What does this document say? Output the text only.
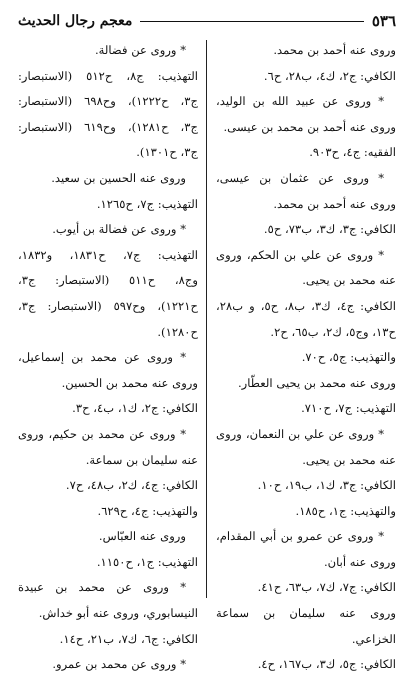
٥٣٦
معجم رجال الحديث
وروى عنه أحمد بن محمد.
الكافي: ج٢، ك٤، ب٢٨، ح٦.
* وروى عن عبيد الله بن الوليد،
وروى عنه أحمد بن محمد بن عيسى.
الفقيه: ج٤، ح٩٠٣.
* وروى عن عثمان بن عيسى،
وروى عنه أحمد بن محمد.
الكافي: ج٣، ك٣، ب٧٣، ح٥.
* وروى عن علي بن الحكم، وروى
عنه محمد بن يحيى.
الكافي: ج٤، ك٣، ب٨، ح٥، و ب٢٨،
ح١٣، وج٥، ك٢، ب٦٥، ح٢.
والتهذيب: ج٥، ح٧٠.
وروى عنه محمد بن يحيى العطّار.
التهذيب: ج٧، ح٧١٠.
* وروى عن علي بن النعمان، وروى
عنه محمد بن يحيى.
الكافي: ج٣، ك١، ب١٩، ح١٠.
والتهذيب: ج١، ح١٨٥.
* وروى عن عمرو بن أبي المقدام،
وروى عنه أبان.
الكافي: ج٧، ك٧، ب٦٣، ح٤١.
وروى عنه سليمان بن سماعة
الخزاعي.
الكافي: ج٥، ك٣، ب١٦٧، ح٤.
* وروى عن فضالة.
التهذيب: ج٨، ح٥١٢ (الاستبصار:
ج٣، ح١٢٢٢)، وح٦٩٨ (الاستبصار:
ج٣، ح١٢٨١)، وح٦١٩ (الاستبصار:
ج٣، ح١٣٠١).
وروى عنه الحسين بن سعيد.
التهذيب: ج٧، ح١٢٦٥.
* وروى عن فضالة بن أيوب.
التهذيب: ج٧، ح١٨٣١، و١٨٣٢،
وج٨، ح٥١١ (الاستبصار: ج٣،
ح١٢٢١)، وح٥٩٧ (الاستبصار: ج٣،
ح١٢٨٠).
* وروى عن محمد بن إسماعيل،
وروى عنه محمد بن الحسين.
الكافي: ج٢، ك١، ب٤، ح٣.
* وروى عن محمد بن حكيم، وروى
عنه سليمان بن سماعة.
الكافي: ج٤، ك٢، ب٤٨، ح٧.
والتهذيب: ج٤، ح٦٢٩.
وروى عنه العبّاس.
التهذيب: ج١، ح١١٥٠.
* وروى عن محمد بن عبيدة
النيسابوري، وروى عنه أبو خداش.
الكافي: ج٦، ك٧، ب٢١، ح١٤.
* وروى عن محمد بن عمرو.
